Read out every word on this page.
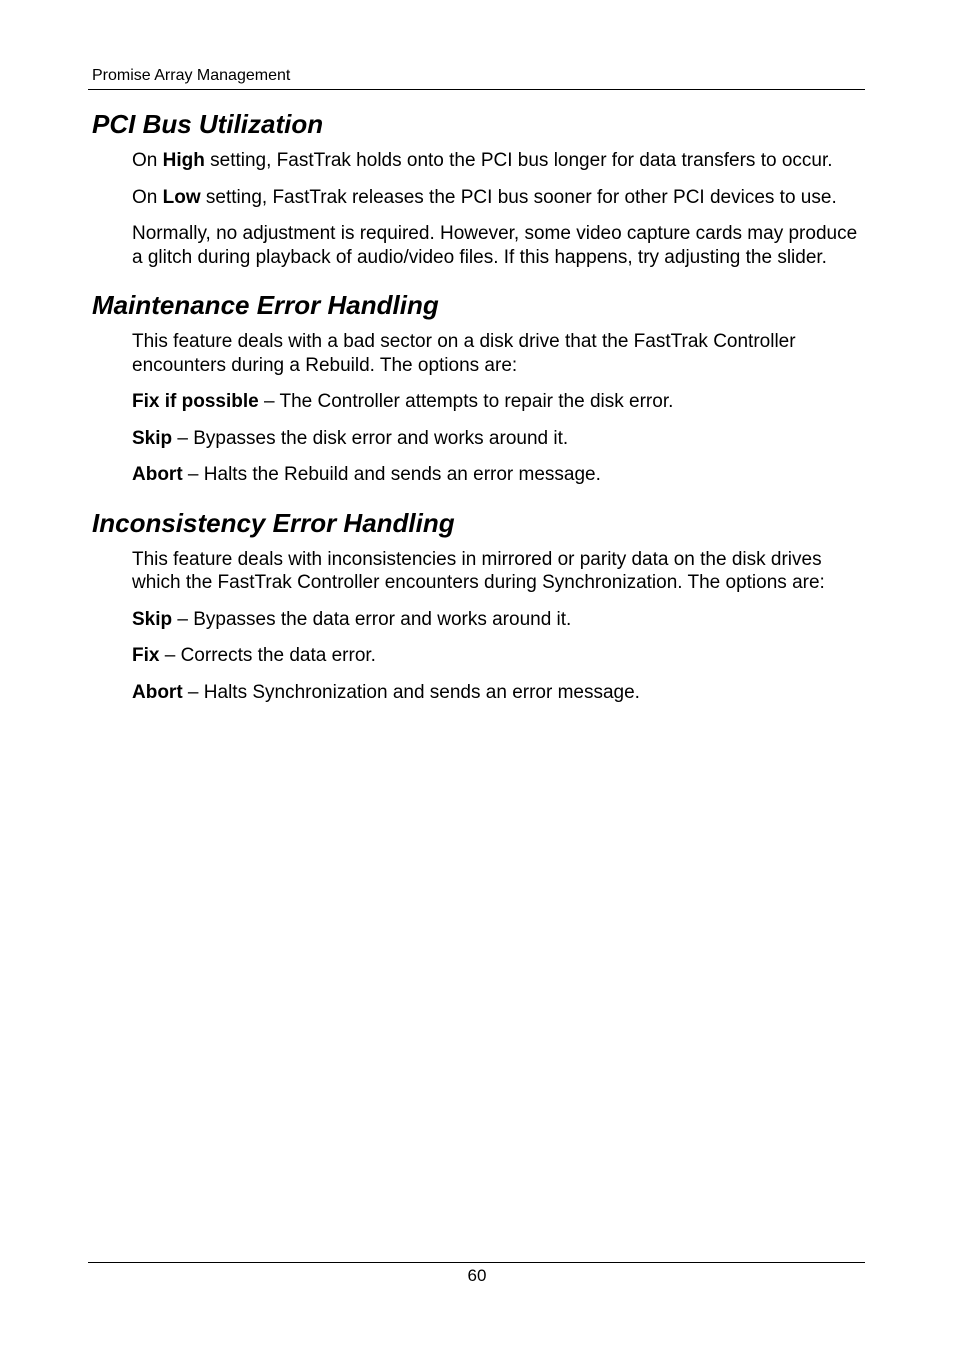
Promise Array Management
PCI Bus Utilization

On High setting, FastTrak holds onto the PCI bus longer for data transfers to occur.

On Low setting, FastTrak releases the PCI bus sooner for other PCI devices to use.

Normally, no adjustment is required. However, some video capture cards may produce a glitch during playback of audio/video files. If this happens, try adjusting the slider.

Maintenance Error Handling

This feature deals with a bad sector on a disk drive that the FastTrak Controller encounters during a Rebuild. The options are:

Fix if possible – The Controller attempts to repair the disk error.

Skip – Bypasses the disk error and works around it.

Abort – Halts the Rebuild and sends an error message.

Inconsistency Error Handling

This feature deals with inconsistencies in mirrored or parity data on the disk drives which the FastTrak Controller encounters during Synchronization. The options are:

Skip – Bypasses the data error and works around it.

Fix – Corrects the data error.

Abort – Halts Synchronization and sends an error message.

60
